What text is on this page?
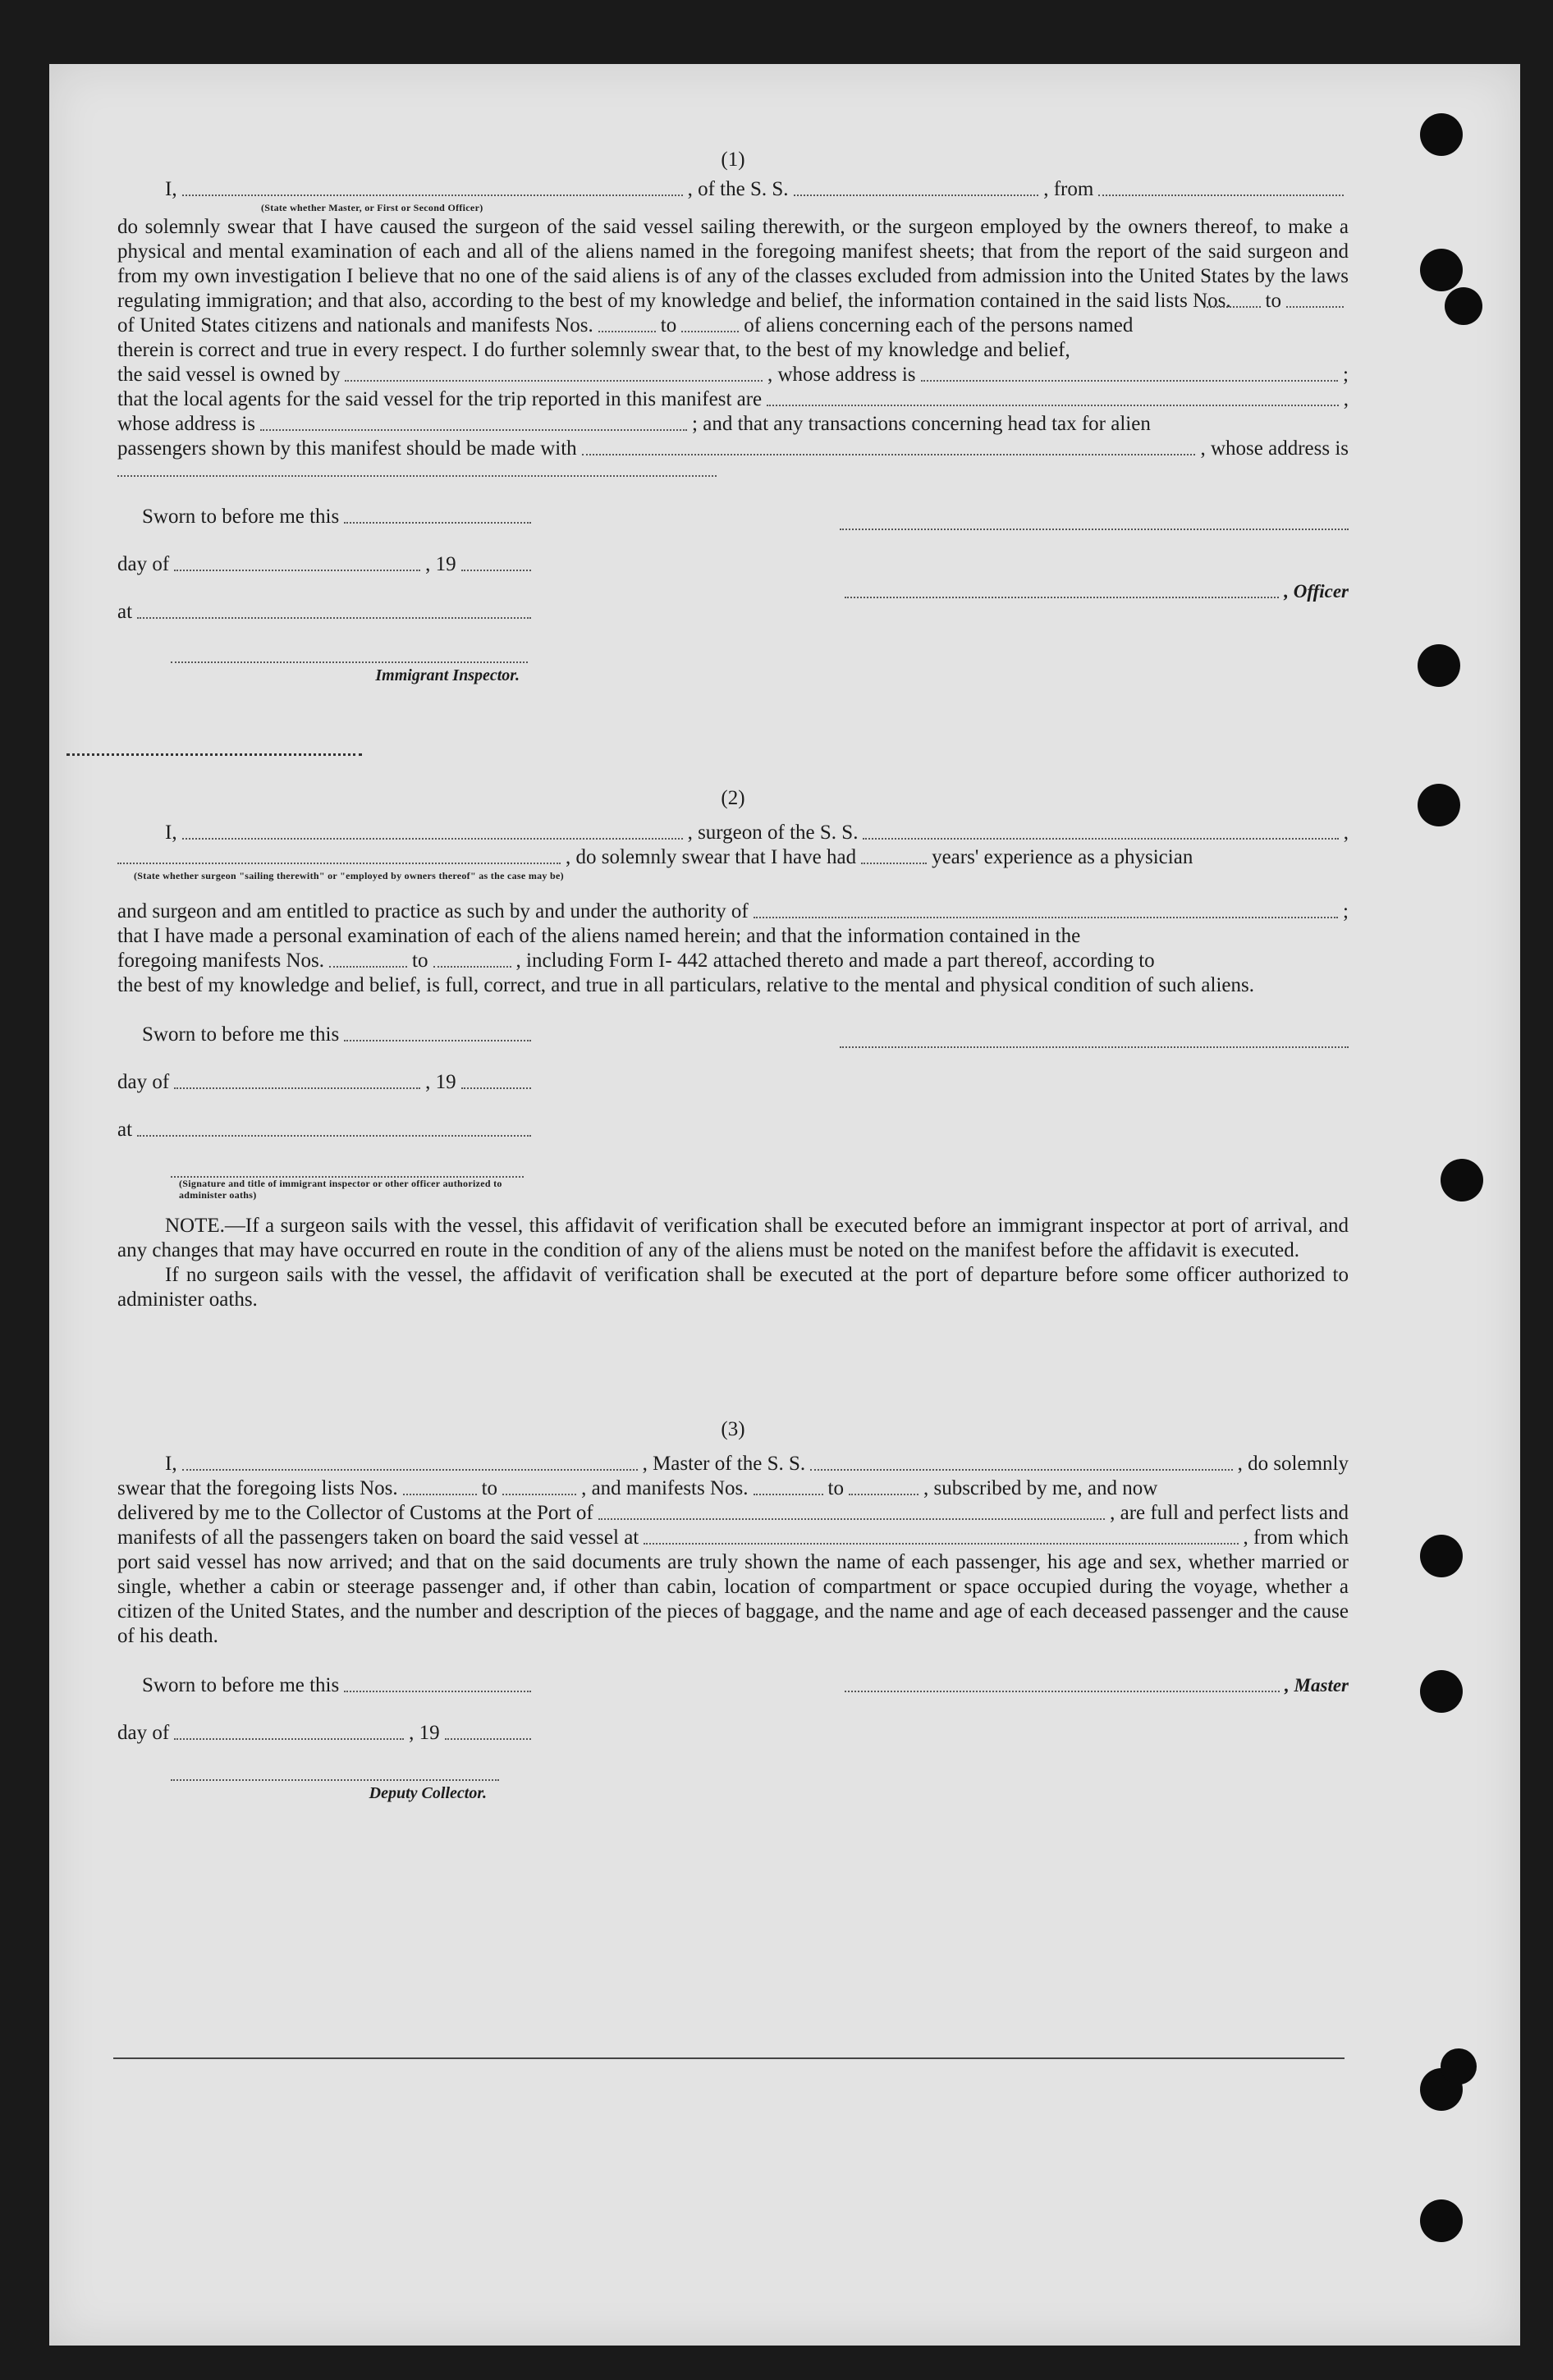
(1)
I,	, of the S. S.	, from
(State whether Master, or First or Second Officer)

do solemnly swear that I have caused the surgeon of the said vessel sailing therewith, or the surgeon employed by the owners thereof, to make a physical and mental examination of each and all of the aliens named in the foregoing manifest sheets; that from the report of the said surgeon and from my own investigation I believe that no one of the said aliens is of any of the classes excluded from admission into the United States by the laws regulating immigration; and that also, according to the best of my knowledge and belief, the information contained in the said lists Nos.	to
of United States citizens and nationals and manifests Nos.	to	of aliens concerning each of the persons named

therein is correct and true in every respect. I do further solemnly swear that, to the best of my knowledge and belief,

the said vessel is owned by	, whose address is	;
that the local agents for the said vessel for the trip reported in this manifest are	,
whose address is	; and that any transactions concerning head tax for alien
passengers shown by this manifest should be made with	, whose address is
Sworn to before me this
day of	, 19
at
Immigrant Inspector.
, Officer
(2)
I,	, surgeon of the S. S.	,
, do solemnly swear that I have had	years' experience as a physician
(State whether surgeon "sailing therewith" or "employed by owners thereof" as the case may be)
and surgeon and am entitled to practice as such by and under the authority of	;

that I have made a personal examination of each of the aliens named herein; and that the information contained in the

foregoing manifests Nos.	to	, including Form I- 442 attached thereto and made a part thereof, according to

the best of my knowledge and belief, is full, correct, and true in all particulars, relative to the mental and physical condition of such aliens.

Sworn to before me this
day of	, 19
at
(Signature and title of immigrant inspector or other officer authorized to administer oaths)

NOTE.—If a surgeon sails with the vessel, this affidavit of verification shall be executed before an immigrant inspector at port of arrival, and any changes that may have occurred en route in the condition of any of the aliens must be noted on the manifest before the affidavit is executed.

If no surgeon sails with the vessel, the affidavit of verification shall be executed at the port of departure before some officer authorized to administer oaths.

(3)
I,	, Master of the S. S.	, do solemnly
swear that the foregoing lists Nos.	to	, and manifests Nos.	to	, subscribed by me, and now
delivered by me to the Collector of Customs at the Port of	, are full and perfect lists and
manifests of all the passengers taken on board the said vessel at	, from which

port said vessel has now arrived; and that on the said documents are truly shown the name of each passenger, his age and sex, whether married or single, whether a cabin or steerage passenger and, if other than cabin, location of compartment or space occupied during the voyage, whether a citizen of the United States, and the number and description of the pieces of baggage, and the name and age of each deceased passenger and the cause of his death.

Sworn to before me this
day of	, 19
Deputy Collector.
, Master
